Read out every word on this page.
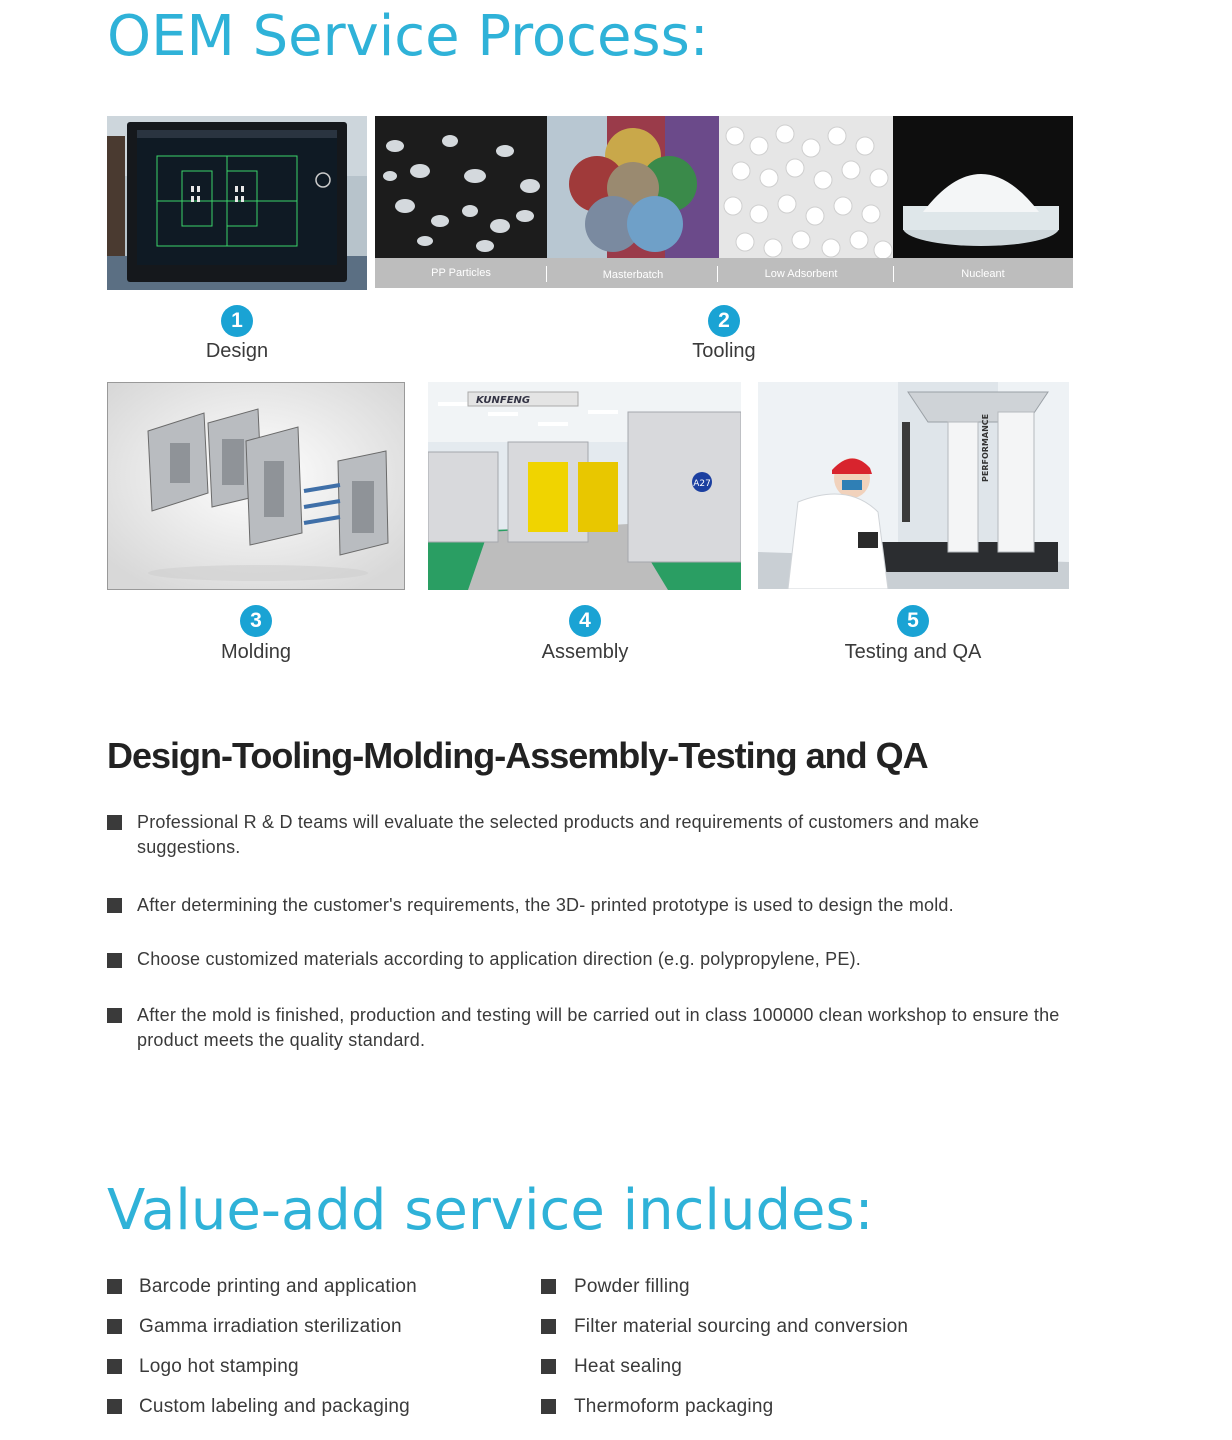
OEM Service Process:
PP Particles	Masterbatch	Low Adsorbent	Nucleant
1
Design
2
Tooling
A27
KUNFENG
PERFORMANCE
3
Molding
4
Assembly
5
Testing and QA
Design-Tooling-Molding-Assembly-Testing and QA
Professional R & D teams will evaluate the selected products and requirements of customers and make suggestions.
After determining the customer's requirements, the 3D- printed prototype is used to design the mold.
Choose customized materials according to application direction (e.g. polypropylene, PE).
After the mold is finished, production and testing will be carried out in class 100000 clean workshop to ensure the product meets the quality standard.
Value-add service includes:
Barcode printing and application
Gamma irradiation sterilization
Logo hot stamping
Custom labeling and packaging
Powder filling
Filter material sourcing and conversion
Heat sealing
Thermoform packaging
